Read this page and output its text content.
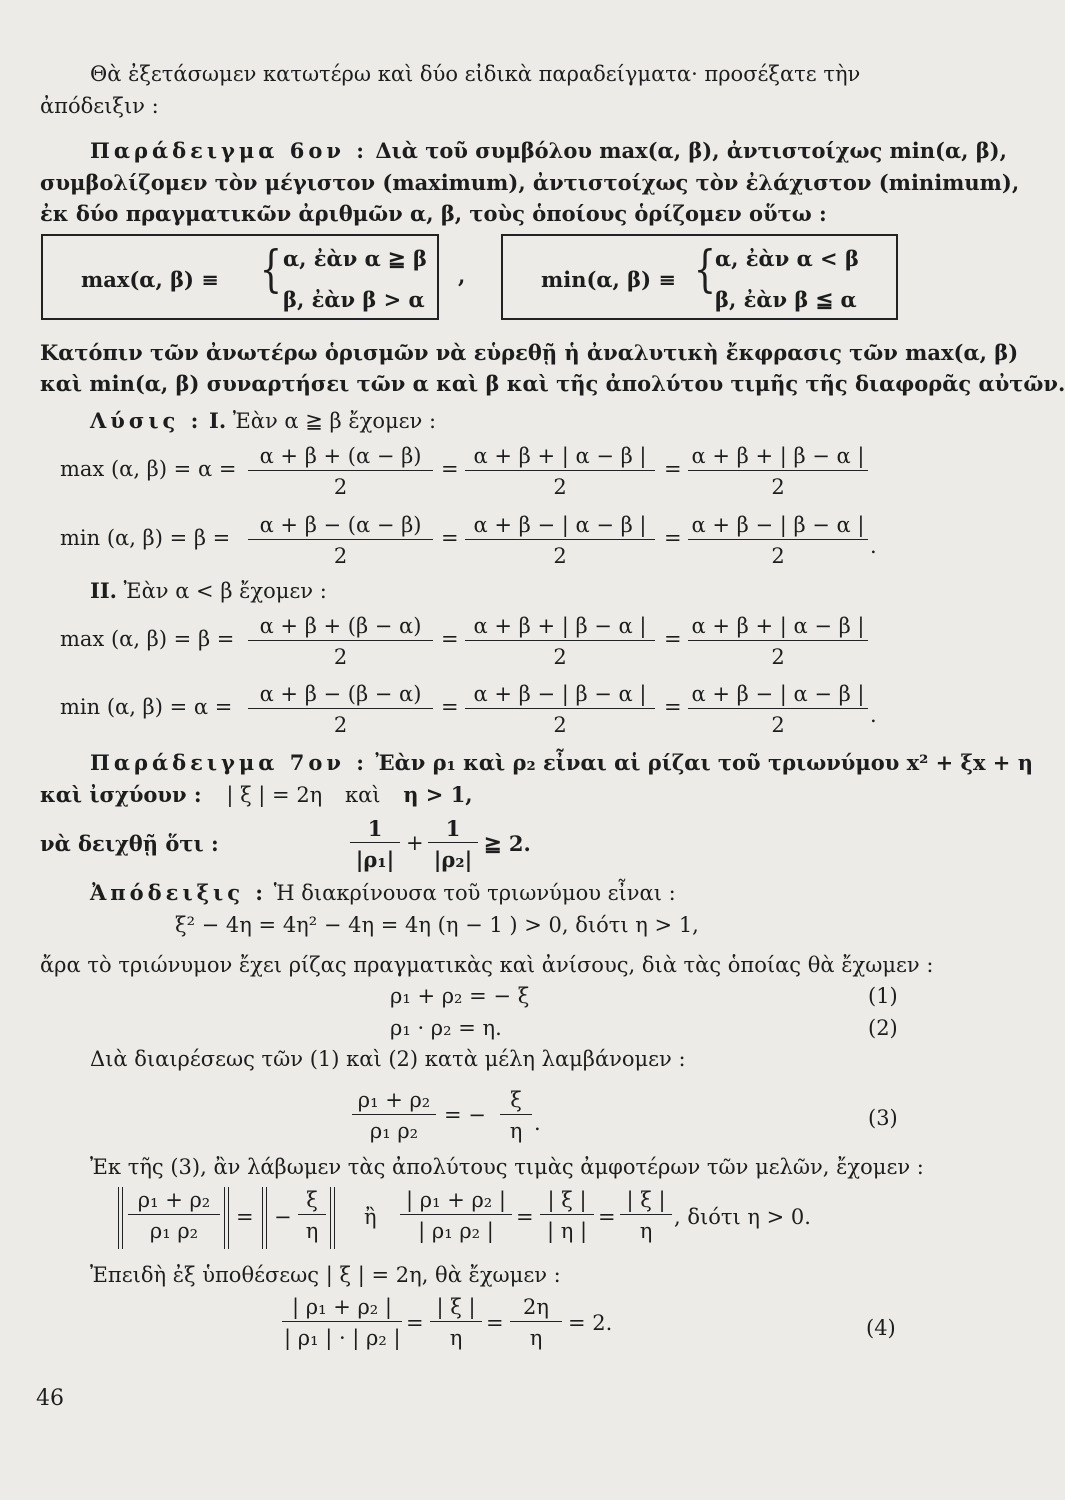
Θὰ ἐξετάσωμεν κατωτέρω καὶ δύο εἰδικὰ παραδείγματα· προσέξατε τὴν
ἀπόδειξιν :
Παράδειγμα 6ον : Διὰ τοῦ συμβόλου max(α, β), ἀντιστοίχως min(α, β),
συμβολίζομεν τὸν μέγιστον (maximum), ἀντιστοίχως τὸν ἐλάχιστον (minimum),
ἐκ δύο πραγματικῶν ἀριθμῶν α, β, τοὺς ὁποίους ὁρίζομεν οὕτω :
max(α, β) ≡ { α, ἐὰν α ≧ β
β, ἐὰν β > α
,	min(α, β) ≡ {
α, ἐὰν α < β
β, ἐὰν β ≦ α
Κατόπιν τῶν ἀνωτέρω ὁρισμῶν νὰ εὑρεθῇ ἡ ἀναλυτικὴ ἔκφρασις τῶν max(α, β)
καὶ min(α, β) συναρτήσει τῶν α καὶ β καὶ τῆς ἀπολύτου τιμῆς τῆς διαφορᾶς αὐτῶν.
Λύσις : Ι. Ἐὰν α ≧ β ἔχομεν :
max (α, $\beta) = \alpha = \frac{\alpha + \beta + (\alpha - \beta)}{2} = \frac{\alpha + \beta + | \alpha - \beta |}{2} = \frac{\alpha + \beta + | \beta - \alpha |}{2}$
min (α, $\beta) = \beta = \frac{\alpha + \beta - (\alpha - \beta)}{2} = \frac{\alpha + \beta - | \alpha - \beta |}{2} = \frac{\alpha + \beta - | \beta - \alpha |}{2}$ .
ΙΙ. Ἐὰν α < β ἔχομεν :
max (α, $\beta) = \beta = \frac{\alpha + \beta + (\beta - \alpha)}{2} = \frac{\alpha + \beta + | \beta - \alpha |}{2} = \frac{\alpha + \beta + | \alpha - \beta |}{2}$
min (α, $\beta) = \alpha = \frac{\alpha + \beta - (\beta - \alpha)}{2} = \frac{\alpha + \beta - | \beta - \alpha |}{2} = \frac{\alpha + \beta - | \alpha - \beta |}{2}$ .
Παράδειγμα 7ον : Ἐὰν ρ₁ καὶ ρ₂ εἶναι αἱ ρίζαι τοῦ τριωνύμου x² + ξx + η
καὶ ἰσχύουν : | ξ | = 2η καὶ η > 1,
νὰ δειχθῇ ὅτι :	$\frac{1}{\text{|ρ₁|}} + \frac{1}{\text{|ρ₂|}}$ ≧ 2.
Ἀπόδειξις : Ἡ διακρίνουσα τοῦ τριωνύμου εἶναι :
ξ² − 4η = 4η² − 4η = 4η (η − 1 ) > 0, διότι η > 1,
ἄρα τὸ τριώνυμον ἔχει ρίζας πραγματικὰς καὶ ἀνίσους, διὰ τὰς ὁποίας θὰ ἔχωμεν :
ρ₁ + ρ₂ = − ξ	(1)
ρ₁ · ρ₂ = η.	(2)
Διὰ διαιρέσεως τῶν (1) καὶ (2) κατὰ μέλη λαμβάνομεν :
$\frac{\text{ρ₁ + ρ₂}}{\text{ρ₁ ρ₂}}$ = − $\frac{\xi}{\eta}$ .	(3)
Ἐκ τῆς (3), ἂν λάβωμεν τὰς ἀπολύτους τιμὰς ἀμφοτέρων τῶν μελῶν, ἔχομεν :
$\frac{\text{ρ₁ + ρ₂}}{\text{ρ₁ ρ₂}}$ = − $\frac{\xi}{\eta}$ ἢ $\frac{\text{| ρ₁ + ρ₂ |}}{\text{| ρ₁ ρ₂ |}} = \frac{| \xi |}{| \eta |} = \frac{| \xi |}{\eta}$ , διότι η > 0.
Ἐπειδὴ ἐξ ὑποθέσεως | ξ | = 2η, θὰ ἔχωμεν :
$\frac{\text{| ρ₁ + ρ₂ |}}{\text{| ρ₁ | · | ρ₂ |}} = \frac{| \xi |}{\eta} = \frac{2\eta}{\eta} = 2$.	(4)
46
